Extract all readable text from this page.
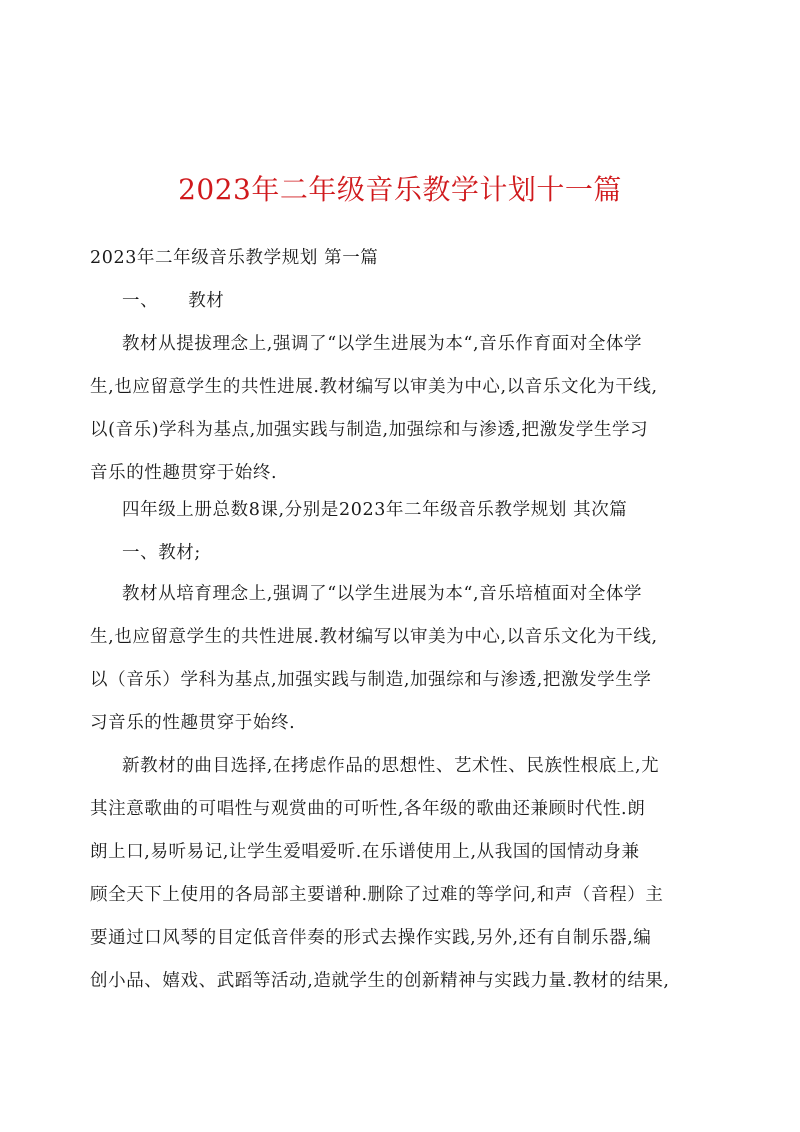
2023年二年级音乐教学计划十一篇
2023年二年级音乐教学规划 第一篇
一、 教材
教材从提拔理念上,强调了“以学生进展为本“,音乐作育面对全体学
生,也应留意学生的共性进展.教材编写以审美为中心,以音乐文化为干线,
以(音乐)学科为基点,加强实践与制造,加强综和与渗透,把激发学生学习
音乐的性趣贯穿于始终.
四年级上册总数8课,分别是2023年二年级音乐教学规划 其次篇
一、教材;
教材从培育理念上,强调了“以学生进展为本“,音乐培植面对全体学
生,也应留意学生的共性进展.教材编写以审美为中心,以音乐文化为干线,
以（音乐）学科为基点,加强实践与制造,加强综和与渗透,把激发学生学
习音乐的性趣贯穿于始终.
新教材的曲目选择,在拷虑作品的思想性、艺术性、民族性根底上,尤
其注意歌曲的可唱性与观赏曲的可听性,各年级的歌曲还兼顾时代性.朗
朗上口,易听易记,让学生爱唱爱听.在乐谱使用上,从我国的国情动身兼
顾全天下上使用的各局部主要谱种.删除了过难的等学问,和声（音程）主
要通过口风琴的目定低音伴奏的形式去操作实践,另外,还有自制乐器,编
创小品、嬉戏、武蹈等活动,造就学生的创新精神与实践力量.教材的结果,
